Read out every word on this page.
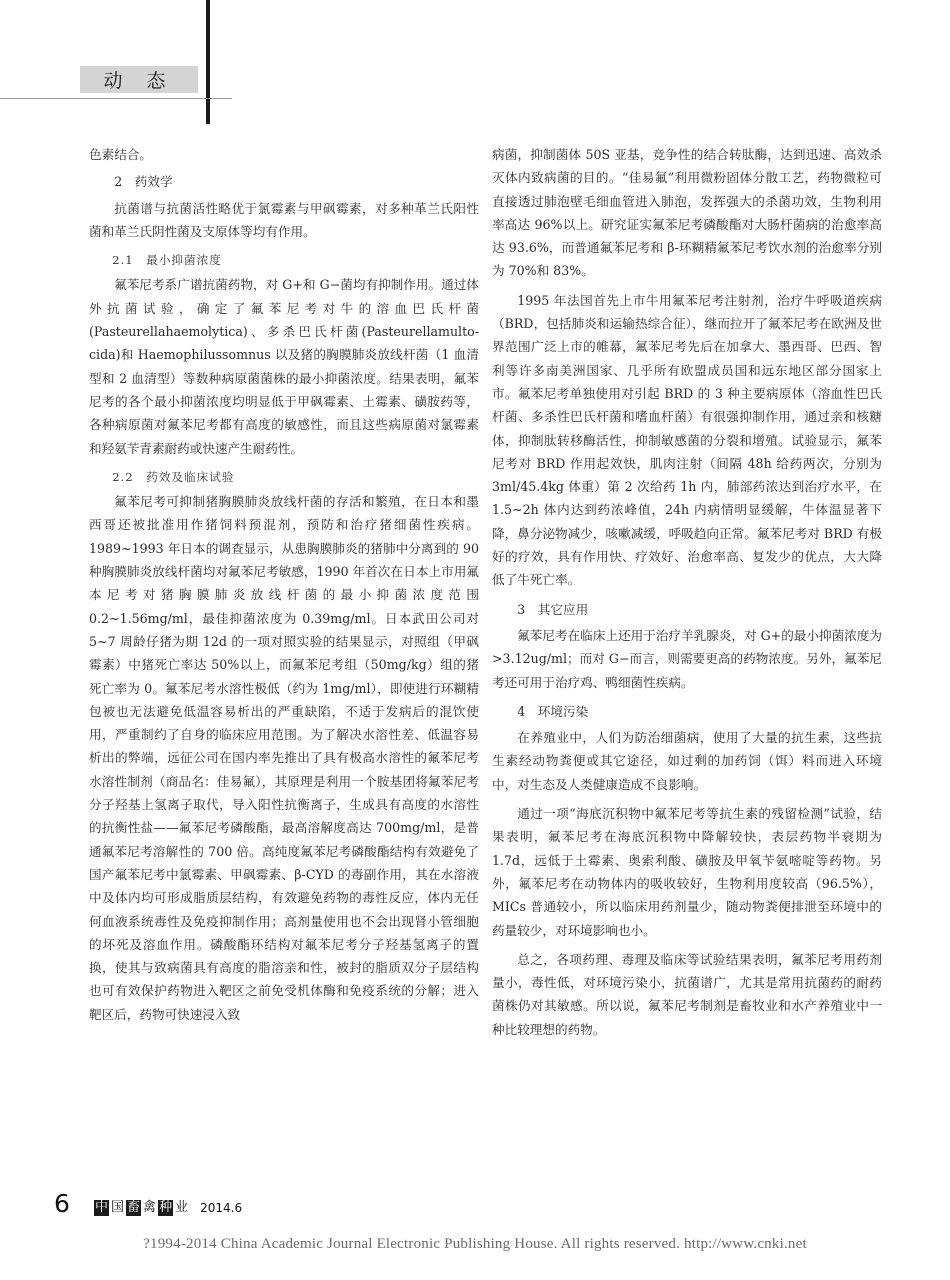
动 态

色素结合。

2　药效学

抗菌谱与抗菌活性略优于氯霉素与甲砜霉素，对多种革兰氏阳性菌和革兰氏阴性菌及支原体等均有作用。

2.1　最小抑菌浓度

氟苯尼考系广谱抗菌药物，对 G+和 G−菌均有抑制作用。通过体外抗菌试验，确定了氟苯尼考对牛的溶血巴氏杆菌(Pasteurellahaemolytica)、多杀巴氏杆菌(Pasteurellamulto-cida)和 Haemophilussomnus 以及猪的胸膜肺炎放线杆菌（1 血清型和 2 血清型）等数种病原菌菌株的最小抑菌浓度。结果表明，氟苯尼考的各个最小抑菌浓度均明显低于甲砜霉素、土霉素、磺胺药等，各种病原菌对氟苯尼考都有高度的敏感性，而且这些病原菌对氯霉素和羟氨苄青素耐药或快速产生耐药性。

2.2　药效及临床试验

氟苯尼考可抑制猪胸膜肺炎放线杆菌的存活和繁殖，在日本和墨西哥还被批准用作猪饲料预混剂，预防和治疗猪细菌性疾病。1989~1993 年日本的调查显示，从患胸膜肺炎的猪肺中分离到的 90 种胸膜肺炎放线杆菌均对氟苯尼考敏感，1990 年首次在日本上市用氟本尼考对猪胸膜肺炎放线杆菌的最小抑菌浓度范围 0.2~1.56mg/ml，最佳抑菌浓度为 0.39mg/ml。日本武田公司对 5~7 周龄仔猪为期 12d 的一项对照实验的结果显示，对照组（甲砜霉素）中猪死亡率达 50%以上，而氟苯尼考组（50mg/kg）组的猪死亡率为 0。氟苯尼考水溶性极低（约为 1mg/ml），即使进行环糊精包被也无法避免低温容易析出的严重缺陷，不适于发病后的混饮使用，严重制约了自身的临床应用范围。为了解决水溶性差、低温容易析出的弊端，远征公司在国内率先推出了具有极高水溶性的氟苯尼考水溶性制剂（商品名：佳易氟），其原理是利用一个胺基团将氟苯尼考分子羟基上氢离子取代，导入阳性抗衡离子，生成具有高度的水溶性的抗衡性盐——氟苯尼考磷酸酯，最高溶解度高达 700mg/ml，是普通氟苯尼考溶解性的 700 倍。高纯度氟苯尼考磷酸酯结构有效避免了国产氟苯尼考中氯霉素、甲砜霉素、β-CYD 的毒副作用，其在水溶液中及体内均可形成脂质层结构，有效避免药物的毒性反应，体内无任何血液系统毒性及免疫抑制作用；高剂量使用也不会出现肾小管细胞的坏死及溶血作用。磷酸酯环结构对氟苯尼考分子羟基氢离子的置换，使其与致病菌具有高度的脂溶亲和性，被封的脂质双分子层结构也可有效保护药物进入靶区之前免受机体酶和免疫系统的分解；进入靶区后，药物可快速浸入致

病菌，抑制菌体 50S 亚基，竞争性的结合转肽酶，达到迅速、高效杀灭体内致病菌的目的。“佳易氟”利用微粉固体分散工艺，药物微粒可直接透过肺泡壁毛细血管进入肺泡，发挥强大的杀菌功效，生物利用率高达 96%以上。研究证实氟苯尼考磷酸酯对大肠杆菌病的治愈率高达 93.6%，而普通氟苯尼考和 β-环糊精氟苯尼考饮水剂的治愈率分别为 70%和 83%。

1995 年法国首先上市牛用氟苯尼考注射剂，治疗牛呼吸道疾病（BRD，包括肺炎和运输热综合征），继而拉开了氟苯尼考在欧洲及世界范围广泛上市的帷幕，氟苯尼考先后在加拿大、墨西哥、巴西、智利等许多南美洲国家、几乎所有欧盟成员国和远东地区部分国家上市。氟苯尼考单独使用对引起 BRD 的 3 种主要病原体（溶血性巴氏杆菌、多杀性巴氏杆菌和嗜血杆菌）有很强抑制作用，通过亲和核糖体，抑制肽转移酶活性，抑制敏感菌的分裂和增殖。试验显示，氟苯尼考对 BRD 作用起效快，肌肉注射（间隔 48h 给药两次，分别为 3ml/45.4kg 体重）第 2 次给药 1h 内，肺部药浓达到治疗水平，在 1.5~2h 体内达到药浓峰值，24h 内病情明显缓解，牛体温显著下降，鼻分泌物减少，咳嗽减缓，呼吸趋向正常。氟苯尼考对 BRD 有极好的疗效，具有作用快、疗效好、治愈率高、复发少的优点，大大降低了牛死亡率。

3　其它应用

氟苯尼考在临床上还用于治疗羊乳腺炎，对 G+的最小抑菌浓度为>3.12ug/ml；而对 G−而言，则需要更高的药物浓度。另外，氟苯尼考还可用于治疗鸡、鸭细菌性疾病。

4　环境污染

在养殖业中，人们为防治细菌病，使用了大量的抗生素，这些抗生素经动物粪便或其它途径，如过剩的加药饲（饵）料而进入环境中，对生态及人类健康造成不良影响。

通过一项“海底沉积物中氟苯尼考等抗生素的残留检测”试验，结果表明，氟苯尼考在海底沉积物中降解较快，表层药物半衰期为 1.7d，远低于土霉素、奥索利酸、磺胺及甲氧苄氨嘧啶等药物。另外，氟苯尼考在动物体内的吸收较好，生物利用度较高（96.5%），MICs 普通较小，所以临床用药剂量少，随动物粪便排泄至环境中的药量较少，对环境影响也小。

总之，各项药理、毒理及临床等试验结果表明，氟苯尼考用药剂量小，毒性低，对环境污染小，抗菌谱广，尤其是常用抗菌药的耐药菌株仍对其敏感。所以说，氟苯尼考制剂是畜牧业和水产养殖业中一种比较理想的药物。

6 中 国 畜 禽 种 业 2014.6
?1994-2014 China Academic Journal Electronic Publishing House. All rights reserved. http://www.cnki.net
